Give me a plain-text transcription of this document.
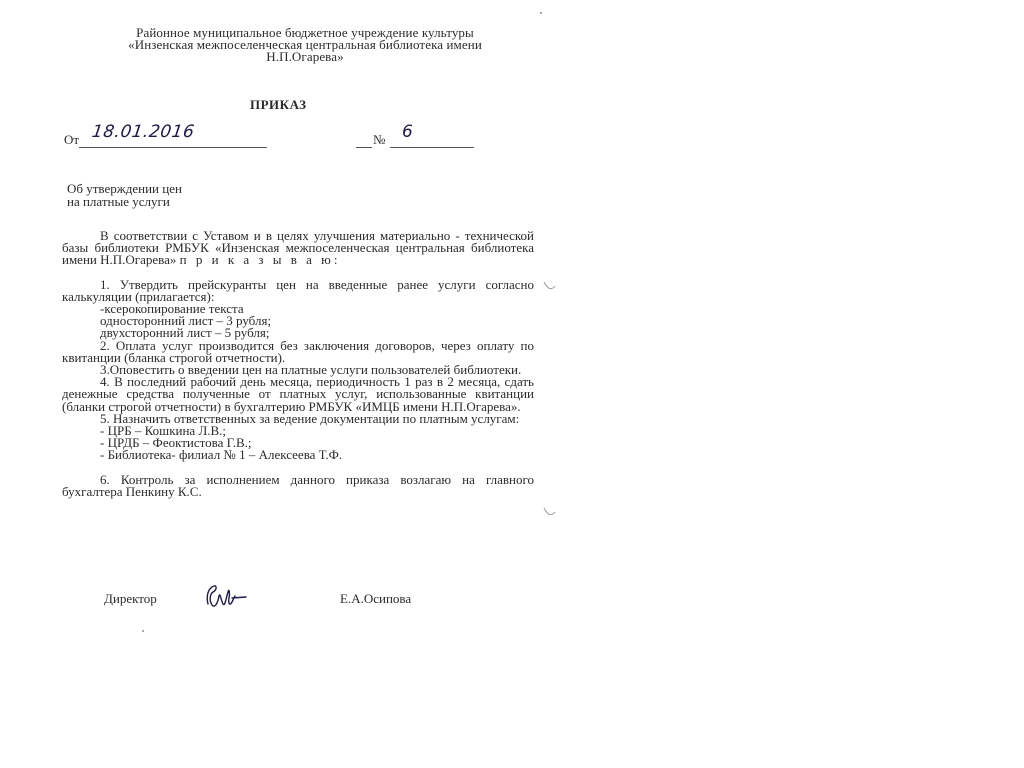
Районное муниципальное бюджетное учреждение культуры
«Инзенская межпоселенческая центральная библиотека имени
Н.П.Огарева»
ПРИКАЗ
От 18.01.2016	№ 6
Об утверждении цен
на платные услуги

В соответствии с Уставом и в целях улучшения материально - технической базы библиотеки РМБУК «Инзенская межпоселенческая центральная библиотека имени Н.П.Огарева» п р и к а з ы в а ю:

1. Утвердить прейскуранты цен на введенные ранее услуги согласно калькуляции (прилагается):

-ксерокопирование текста
односторонний лист – 3 рубля;
двухсторонний лист – 5 рубля;

2. Оплата услуг производится без заключения договоров, через оплату по квитанции (бланка строгой отчетности).

3.Оповестить о введении цен на платные услуги пользователей библиотеки.

4. В последний рабочий день месяца, периодичность 1 раз в 2 месяца, сдать денежные средства полученные от платных услуг, использованные квитанции (бланки строгой отчетности) в бухгалтерию РМБУК «ИМЦБ имени Н.П.Огарева».

5. Назначить ответственных за ведение документации по платным услугам:

- ЦРБ – Кошкина Л.В.;
- ЦРДБ – Феоктистова Г.В.;
- Библиотека- филиал № 1 – Алексеева Т.Ф.

6. Контроль за исполнением данного приказа возлагаю на главного бухгалтера Пенкину К.С.

Директор	Е.А.Осипова
